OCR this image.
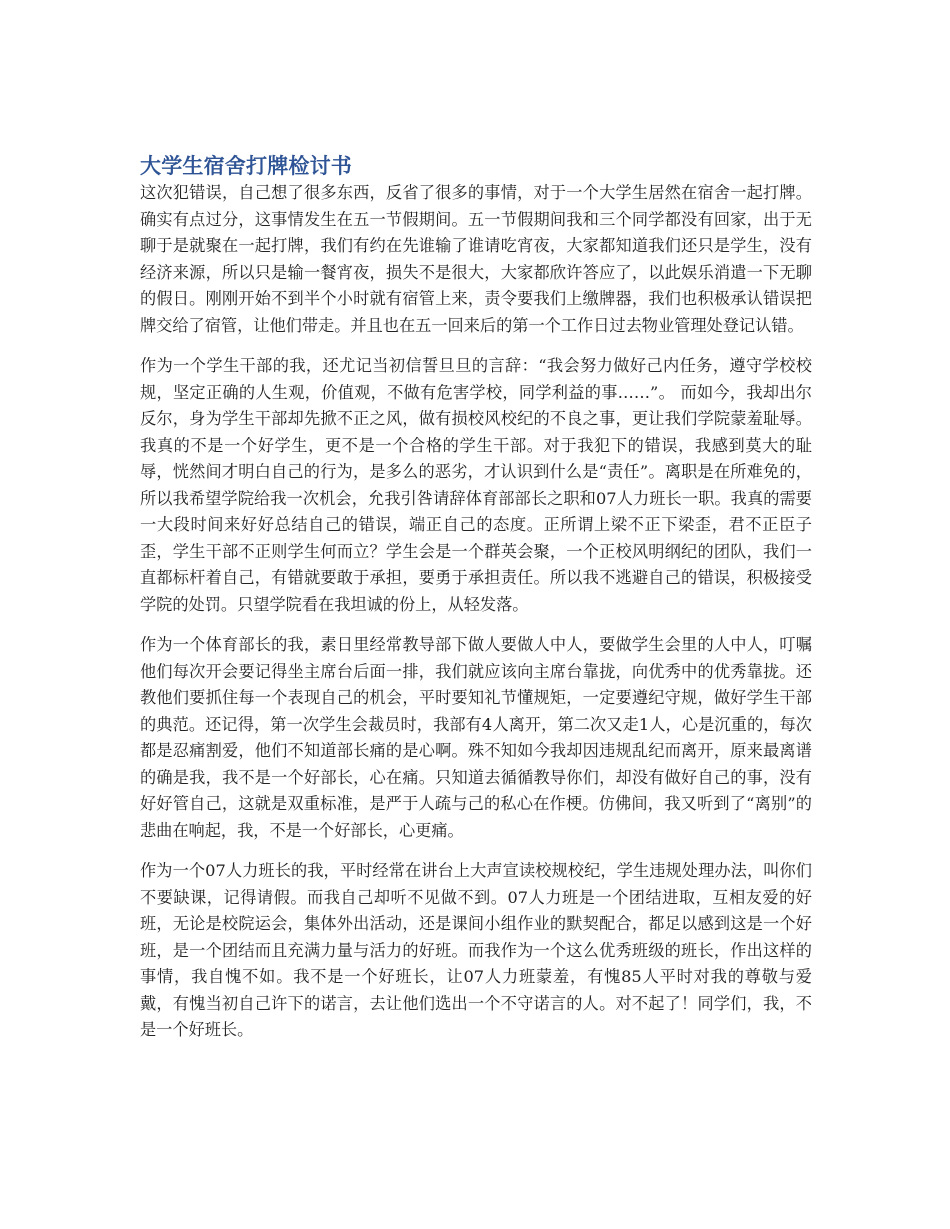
大学生宿舍打牌检讨书

这次犯错误，自己想了很多东西，反省了很多的事情，对于一个大学生居然在宿舍一起打牌。确实有点过分，这事情发生在五一节假期间。五一节假期间我和三个同学都没有回家，出于无聊于是就聚在一起打牌，我们有约在先谁输了谁请吃宵夜，大家都知道我们还只是学生，没有经济来源，所以只是输一餐宵夜，损失不是很大，大家都欣许答应了，以此娱乐消遣一下无聊的假日。刚刚开始不到半个小时就有宿管上来，责令要我们上缴牌器，我们也积极承认错误把牌交给了宿管，让他们带走。并且也在五一回来后的第一个工作日过去物业管理处登记认错。

作为一个学生干部的我，还尤记当初信誓旦旦的言辞：“我会努力做好己内任务，遵守学校校规，坚定正确的人生观，价值观，不做有危害学校，同学利益的事……”。 而如今，我却出尔反尔，身为学生干部却先掀不正之风，做有损校风校纪的不良之事，更让我们学院蒙羞耻辱。我真的不是一个好学生，更不是一个合格的学生干部。对于我犯下的错误，我感到莫大的耻辱，恍然间才明白自己的行为，是多么的恶劣，才认识到什么是“责任”。离职是在所难免的，所以我希望学院给我一次机会，允我引咎请辞体育部部长之职和07人力班长一职。我真的需要一大段时间来好好总结自己的错误，端正自己的态度。正所谓上梁不正下梁歪，君不正臣子歪，学生干部不正则学生何而立？学生会是一个群英会聚，一个正校风明纲纪的团队，我们一直都标杆着自己，有错就要敢于承担，要勇于承担责任。所以我不逃避自己的错误，积极接受学院的处罚。只望学院看在我坦诚的份上，从轻发落。

作为一个体育部长的我，素日里经常教导部下做人要做人中人，要做学生会里的人中人，叮嘱他们每次开会要记得坐主席台后面一排，我们就应该向主席台靠拢，向优秀中的优秀靠拢。还教他们要抓住每一个表现自己的机会，平时要知礼节懂规矩，一定要遵纪守规，做好学生干部的典范。还记得，第一次学生会裁员时，我部有4人离开，第二次又走1人，心是沉重的，每次都是忍痛割爱，他们不知道部长痛的是心啊。殊不知如今我却因违规乱纪而离开，原来最离谱的确是我，我不是一个好部长，心在痛。只知道去循循教导你们，却没有做好自己的事，没有好好管自己，这就是双重标准，是严于人疏与己的私心在作梗。仿佛间，我又听到了“离别”的悲曲在响起，我，不是一个好部长，心更痛。

作为一个07人力班长的我，平时经常在讲台上大声宣读校规校纪，学生违规处理办法，叫你们不要缺课，记得请假。而我自己却听不见做不到。07人力班是一个团结进取，互相友爱的好班，无论是校院运会，集体外出活动，还是课间小组作业的默契配合，都足以感到这是一个好班，是一个团结而且充满力量与活力的好班。而我作为一个这么优秀班级的班长，作出这样的事情，我自愧不如。我不是一个好班长，让07人力班蒙羞，有愧85人平时对我的尊敬与爱戴，有愧当初自己许下的诺言，去让他们选出一个不守诺言的人。对不起了！同学们，我，不是一个好班长。
